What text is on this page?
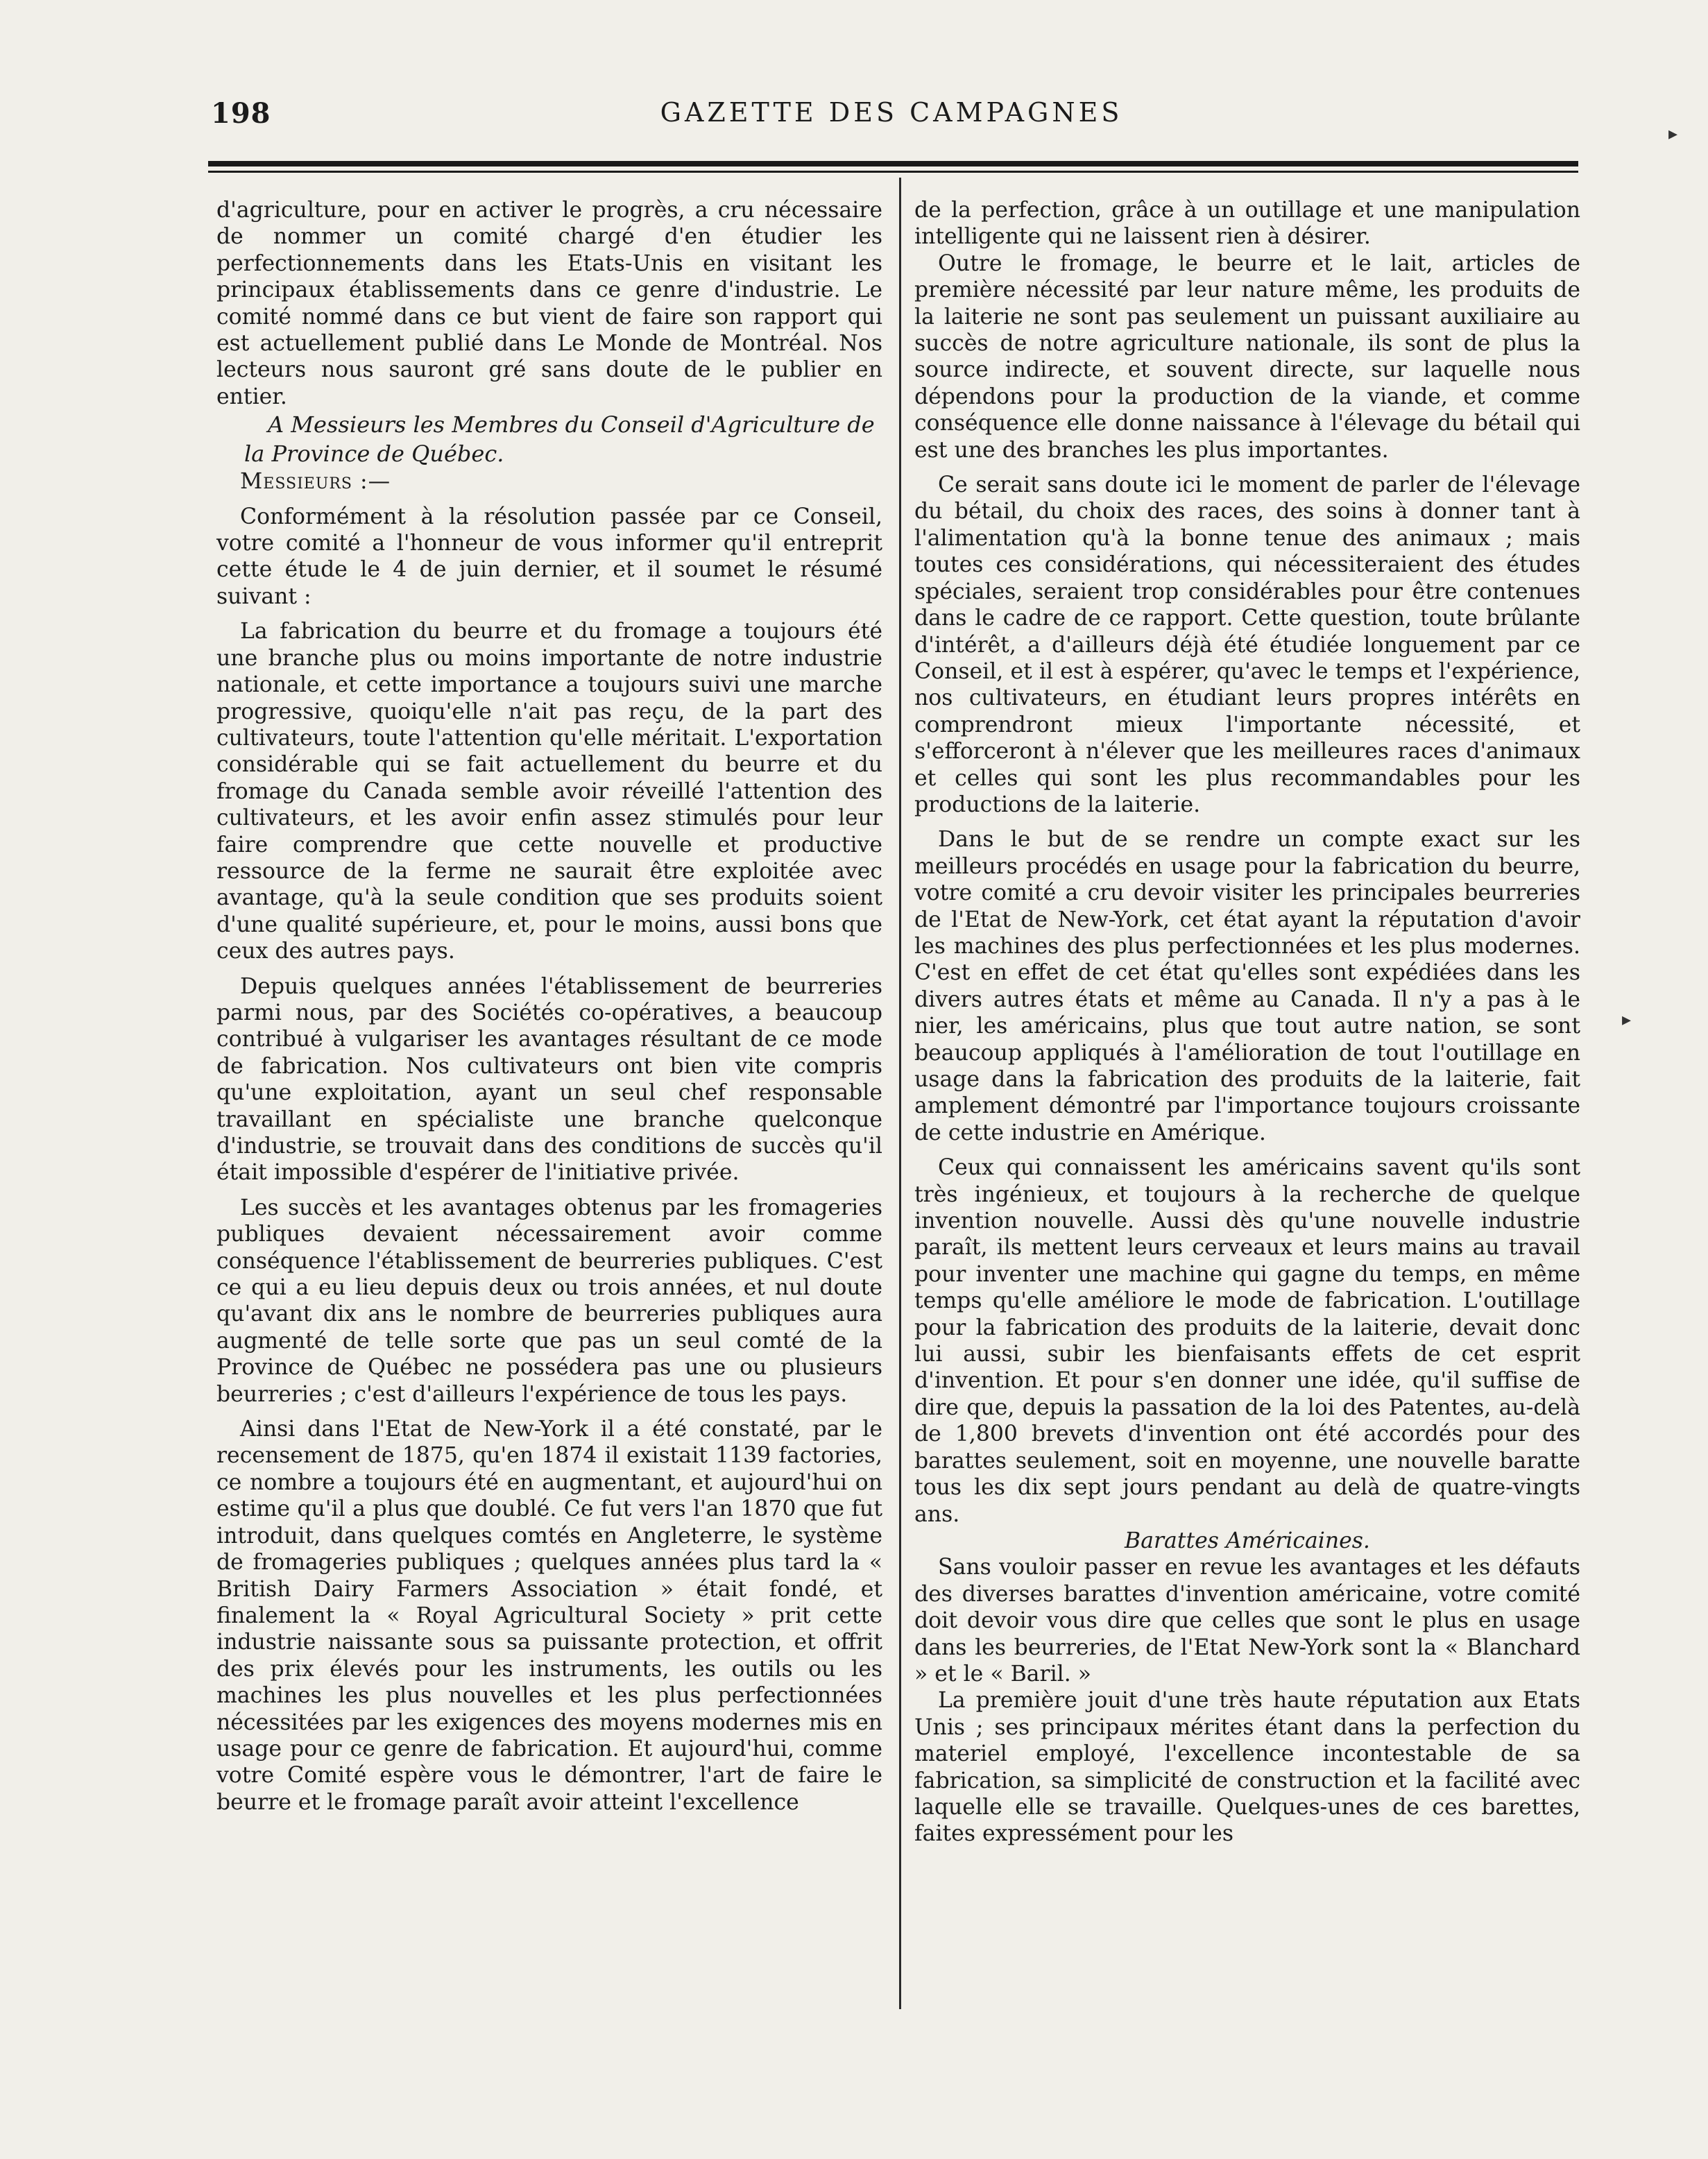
198	GAZETTE DES CAMPAGNES

d'agriculture, pour en activer le progrès, a cru nécessaire de nommer un comité chargé d'en étudier les perfectionnements dans les Etats-Unis en visitant les principaux établissements dans ce genre d'industrie. Le comité nommé dans ce but vient de faire son rapport qui est actuellement publié dans Le Monde de Montréal. Nos lecteurs nous sauront gré sans doute de le publier en entier.

A Messieurs les Membres du Conseil d'Agriculture de la Province de Québec.

Messieurs :—

Conformément à la résolution passée par ce Conseil, votre comité a l'honneur de vous informer qu'il entreprit cette étude le 4 de juin dernier, et il soumet le résumé suivant :

La fabrication du beurre et du fromage a toujours été une branche plus ou moins importante de notre industrie nationale, et cette importance a toujours suivi une marche progressive, quoiqu'elle n'ait pas reçu, de la part des cultivateurs, toute l'attention qu'elle méritait. L'exportation considérable qui se fait actuellement du beurre et du fromage du Canada semble avoir réveillé l'attention des cultivateurs, et les avoir enfin assez stimulés pour leur faire comprendre que cette nouvelle et productive ressource de la ferme ne saurait être exploitée avec avantage, qu'à la seule condition que ses produits soient d'une qualité supérieure, et, pour le moins, aussi bons que ceux des autres pays.

Depuis quelques années l'établissement de beurreries parmi nous, par des Sociétés co-opératives, a beaucoup contribué à vulgariser les avantages résultant de ce mode de fabrication. Nos cultivateurs ont bien vite compris qu'une exploitation, ayant un seul chef responsable travaillant en spécialiste une branche quelconque d'industrie, se trouvait dans des conditions de succès qu'il était impossible d'espérer de l'initiative privée.

Les succès et les avantages obtenus par les fromageries publiques devaient nécessairement avoir comme conséquence l'établissement de beurreries publiques. C'est ce qui a eu lieu depuis deux ou trois années, et nul doute qu'avant dix ans le nombre de beurreries publiques aura augmenté de telle sorte que pas un seul comté de la Province de Québec ne possédera pas une ou plusieurs beurreries ; c'est d'ailleurs l'expérience de tous les pays.

Ainsi dans l'Etat de New-York il a été constaté, par le recensement de 1875, qu'en 1874 il existait 1139 factories, ce nombre a toujours été en augmentant, et aujourd'hui on estime qu'il a plus que doublé. Ce fut vers l'an 1870 que fut introduit, dans quelques comtés en Angleterre, le système de fromageries publiques ; quelques années plus tard la « British Dairy Farmers Association » était fondé, et finalement la « Royal Agricultural Society » prit cette industrie naissante sous sa puissante protection, et offrit des prix élevés pour les instruments, les outils ou les machines les plus nouvelles et les plus perfectionnées nécessitées par les exigences des moyens modernes mis en usage pour ce genre de fabrication. Et aujourd'hui, comme votre Comité espère vous le démontrer, l'art de faire le beurre et le fromage paraît avoir atteint l'excellence

de la perfection, grâce à un outillage et une manipulation intelligente qui ne laissent rien à désirer.

Outre le fromage, le beurre et le lait, articles de première nécessité par leur nature même, les produits de la laiterie ne sont pas seulement un puissant auxiliaire au succès de notre agriculture nationale, ils sont de plus la source indirecte, et souvent directe, sur laquelle nous dépendons pour la production de la viande, et comme conséquence elle donne naissance à l'élevage du bétail qui est une des branches les plus importantes.

Ce serait sans doute ici le moment de parler de l'élevage du bétail, du choix des races, des soins à donner tant à l'alimentation qu'à la bonne tenue des animaux ; mais toutes ces considérations, qui nécessiteraient des études spéciales, seraient trop considérables pour être contenues dans le cadre de ce rapport. Cette question, toute brûlante d'intérêt, a d'ailleurs déjà été étudiée longuement par ce Conseil, et il est à espérer, qu'avec le temps et l'expérience, nos cultivateurs, en étudiant leurs propres intérêts en comprendront mieux l'importante nécessité, et s'efforceront à n'élever que les meilleures races d'animaux et celles qui sont les plus recommandables pour les productions de la laiterie.

Dans le but de se rendre un compte exact sur les meilleurs procédés en usage pour la fabrication du beurre, votre comité a cru devoir visiter les principales beurreries de l'Etat de New-York, cet état ayant la réputation d'avoir les machines des plus perfectionnées et les plus modernes. C'est en effet de cet état qu'elles sont expédiées dans les divers autres états et même au Canada. Il n'y a pas à le nier, les américains, plus que tout autre nation, se sont beaucoup appliqués à l'amélioration de tout l'outillage en usage dans la fabrication des produits de la laiterie, fait amplement démontré par l'importance toujours croissante de cette industrie en Amérique.

Ceux qui connaissent les américains savent qu'ils sont très ingénieux, et toujours à la recherche de quelque invention nouvelle. Aussi dès qu'une nouvelle industrie paraît, ils mettent leurs cerveaux et leurs mains au travail pour inventer une machine qui gagne du temps, en même temps qu'elle améliore le mode de fabrication. L'outillage pour la fabrication des produits de la laiterie, devait donc lui aussi, subir les bienfaisants effets de cet esprit d'invention. Et pour s'en donner une idée, qu'il suffise de dire que, depuis la passation de la loi des Patentes, au-delà de 1,800 brevets d'invention ont été accordés pour des barattes seulement, soit en moyenne, une nouvelle baratte tous les dix sept jours pendant au delà de quatre-vingts ans.

Barattes Américaines.

Sans vouloir passer en revue les avantages et les défauts des diverses barattes d'invention américaine, votre comité doit devoir vous dire que celles que sont le plus en usage dans les beurreries, de l'Etat New-York sont la « Blanchard » et le « Baril. »

La première jouit d'une très haute réputation aux Etats Unis ; ses principaux mérites étant dans la perfection du materiel employé, l'excellence incontestable de sa fabrication, sa simplicité de construction et la facilité avec laquelle elle se travaille. Quelques-unes de ces barettes, faites expressément pour les

▸
▸
